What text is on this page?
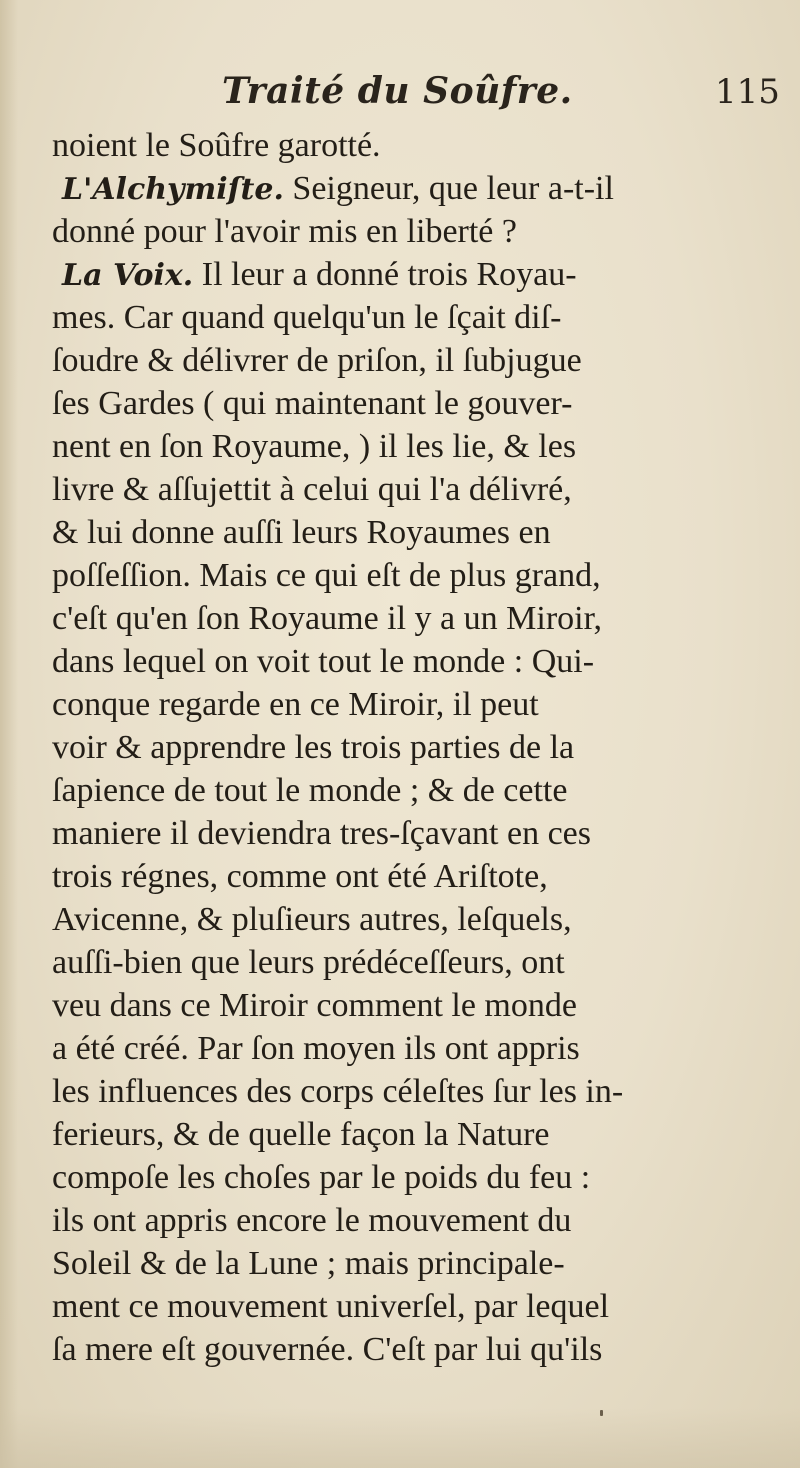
Traité du Soûfre.	115
noient le Soûfre garotté.
L'Alchymiſte. Seigneur, que leur a-t-il
donné pour l'avoir mis en liberté ?
La Voix. Il leur a donné trois Royau-
mes. Car quand quelqu'un le ſçait diſ-
ſoudre & délivrer de priſon, il ſubjugue
ſes Gardes ( qui maintenant le gouver-
nent en ſon Royaume, ) il les lie, & les
livre & aſſujettit à celui qui l'a délivré,
& lui donne auſſi leurs Royaumes en
poſſeſſion. Mais ce qui eſt de plus grand,
c'eſt qu'en ſon Royaume il y a un Miroir,
dans lequel on voit tout le monde : Qui-
conque regarde en ce Miroir, il peut
voir & apprendre les trois parties de la
ſapience de tout le monde ; & de cette
maniere il deviendra tres-ſçavant en ces
trois régnes, comme ont été Ariſtote,
Avicenne, & pluſieurs autres, leſquels,
auſſi-bien que leurs prédéceſſeurs, ont
veu dans ce Miroir comment le monde
a été créé. Par ſon moyen ils ont appris
les influences des corps céleſtes ſur les in-
ferieurs, & de quelle façon la Nature
compoſe les choſes par le poids du feu :
ils ont appris encore le mouvement du
Soleil & de la Lune ; mais principale-
ment ce mouvement univerſel, par lequel
ſa mere eſt gouvernée. C'eſt par lui qu'ils
